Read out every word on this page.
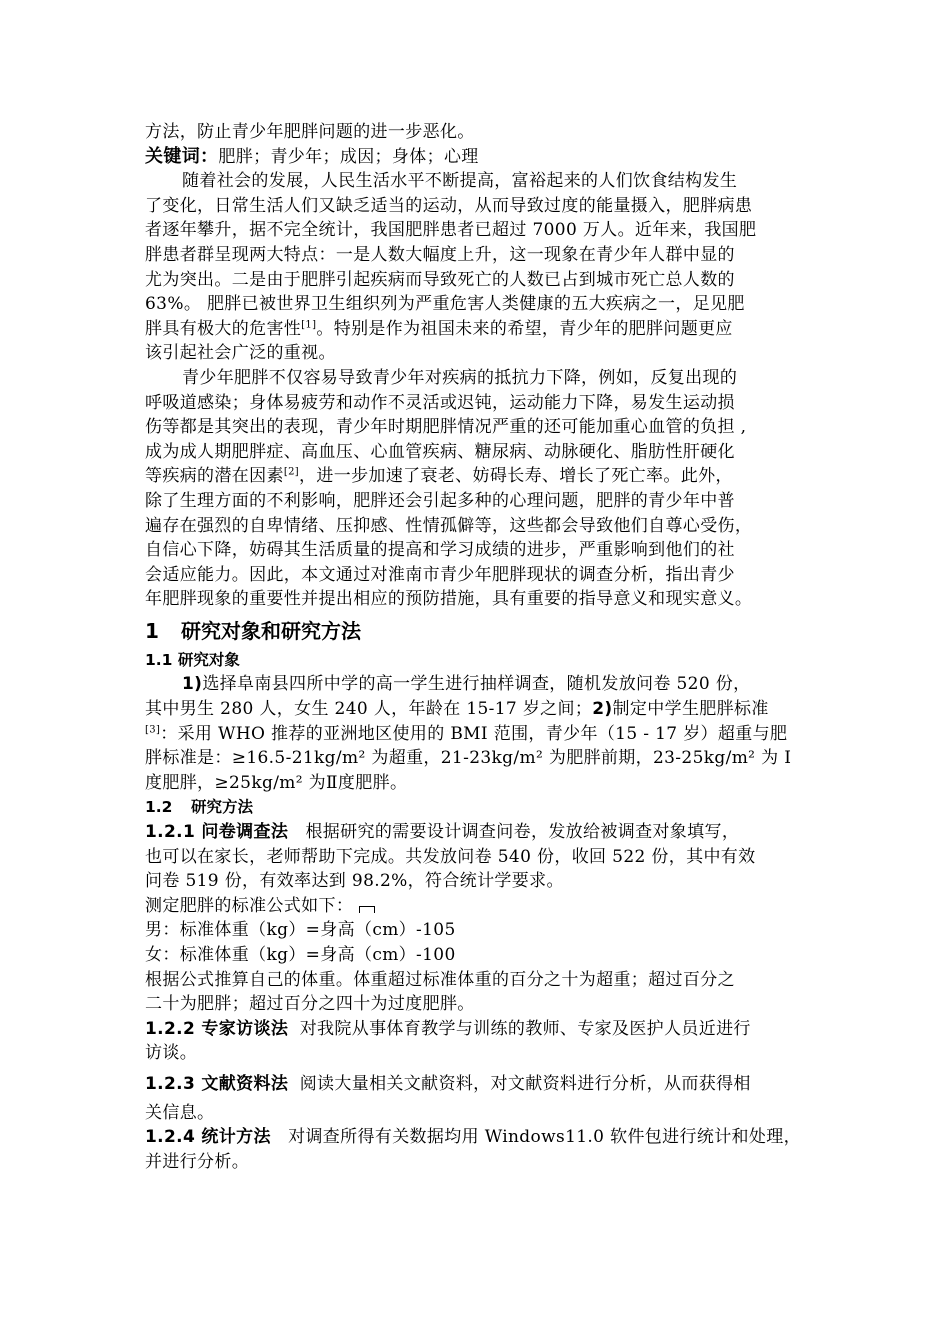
方法，防止青少年肥胖问题的进一步恶化。
关键词：肥胖；青少年；成因；身体；心理
随着社会的发展，人民生活水平不断提高，富裕起来的人们饮食结构发生
了变化，日常生活人们又缺乏适当的运动，从而导致过度的能量摄入，肥胖病患
者逐年攀升，据不完全统计，我国肥胖患者已超过 7000 万人。近年来，我国肥
胖患者群呈现两大特点：一是人数大幅度上升，这一现象在青少年人群中显的
尤为突出。二是由于肥胖引起疾病而导致死亡的人数已占到城市死亡总人数的
63%。 肥胖已被世界卫生组织列为严重危害人类健康的五大疾病之一，足见肥
胖具有极大的危害性[1]。特别是作为祖国未来的希望，青少年的肥胖问题更应
该引起社会广泛的重视。
青少年肥胖不仅容易导致青少年对疾病的抵抗力下降，例如，反复出现的
呼吸道感染；身体易疲劳和动作不灵活或迟钝，运动能力下降，易发生运动损
伤等都是其突出的表现，青少年时期肥胖情况严重的还可能加重心血管的负担 ,
成为成人期肥胖症、高血压、心血管疾病、糖尿病、动脉硬化、脂肪性肝硬化
等疾病的潜在因素[2]，进一步加速了衰老、妨碍长寿、增长了死亡率。此外，
除了生理方面的不利影响，肥胖还会引起多种的心理问题，肥胖的青少年中普
遍存在强烈的自卑情绪、压抑感、性情孤僻等，这些都会导致他们自尊心受伤，
自信心下降，妨碍其生活质量的提高和学习成绩的进步，严重影响到他们的社
会适应能力。因此，本文通过对淮南市青少年肥胖现状的调查分析，指出青少
年肥胖现象的重要性并提出相应的预防措施，具有重要的指导意义和现实意义。
1 研究对象和研究方法
1.1 研究对象
1)选择阜南县四所中学的高一学生进行抽样调查，随机发放问卷 520 份，
其中男生 280 人，女生 240 人，年龄在 15-17 岁之间；2)制定中学生肥胖标准
[3]：采用 WHO 推荐的亚洲地区使用的 BMI 范围，青少年（15 - 17 岁）超重与肥
胖标准是：≥16.5-21kg/m² 为超重，21-23kg/m² 为肥胖前期，23-25kg/m² 为 I
度肥胖，≥25kg/m² 为Ⅱ度肥胖。
1.2 研究方法
1.2.1 问卷调查法 根据研究的需要设计调查问卷，发放给被调查对象填写，
也可以在家长，老师帮助下完成。共发放问卷 540 份，收回 522 份，其中有效
问卷 519 份，有效率达到 98.2%，符合统计学要求。
测定肥胖的标准公式如下：
男：标准体重（kg）=身高（cm）-105
女：标准体重（kg）=身高（cm）-100
根据公式推算自己的体重。体重超过标准体重的百分之十为超重；超过百分之
二十为肥胖；超过百分之四十为过度肥胖。
1.2.2 专家访谈法 对我院从事体育教学与训练的教师、专家及医护人员近进行
访谈。
1.2.3 文献资料法 阅读大量相关文献资料，对文献资料进行分析，从而获得相
关信息。
1.2.4 统计方法 对调查所得有关数据均用 Windows11.0 软件包进行统计和处理，
并进行分析。
